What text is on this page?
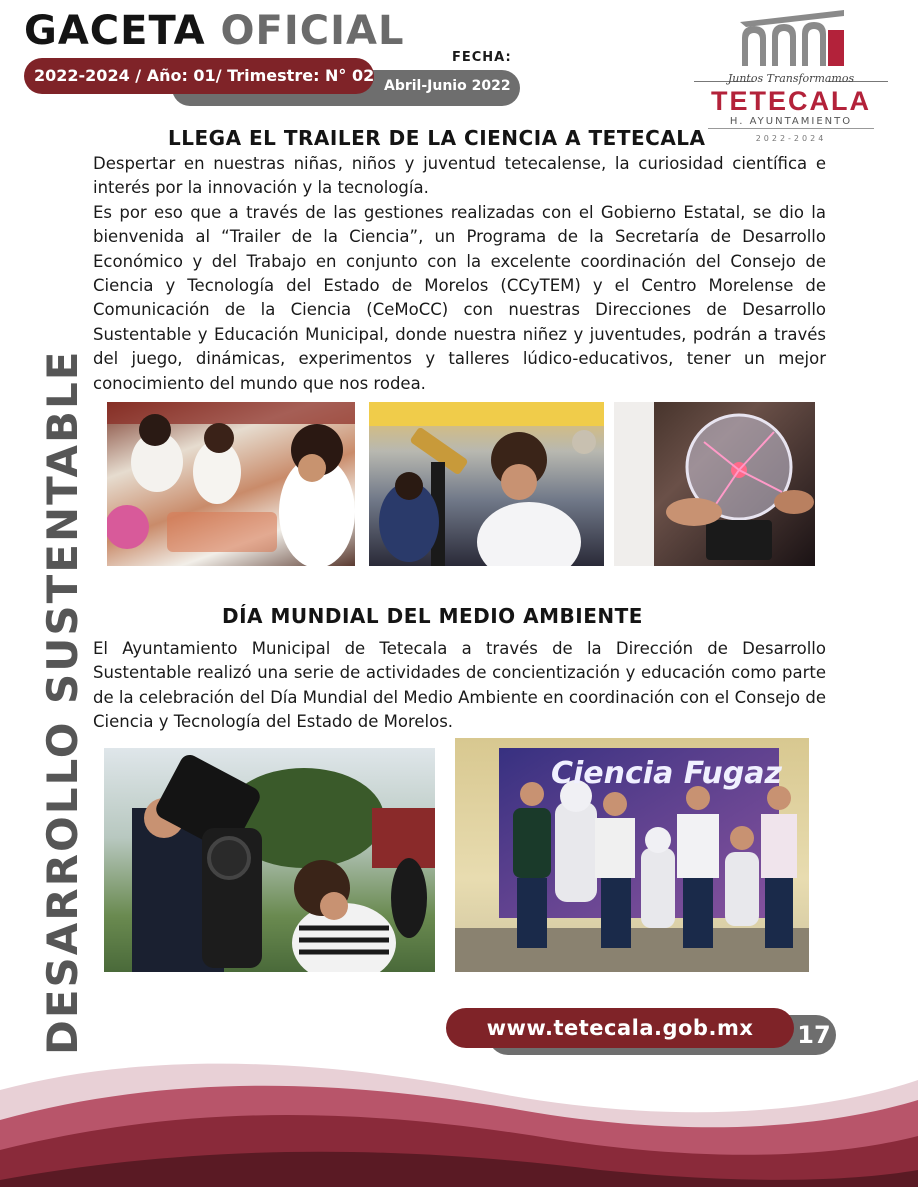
GACETA OFICIAL
2022-2024 / Año: 01/ Trimestre: N° 02
FECHA:
Abril-Junio 2022	Juntos Transformamos
TETECALA
H. AYUNTAMIENTO
2022-2024
DESARROLLO SUSTENTABLE
LLEGA EL TRAILER DE LA CIENCIA A TETECALA

Despertar en nuestras niñas, niños y juventud tetecalense, la curiosidad científica e interés por la innovación y la tecnología.

Es por eso que a través de las gestiones realizadas con el Gobierno Estatal, se dio la bienvenida al “Trailer de la Ciencia”, un Programa de la Secretaría de Desarrollo Económico y del Trabajo en conjunto con la excelente coordinación del Consejo de Ciencia y Tecnología del Estado de Morelos (CCyTEM) y el Centro Morelense de Comunicación de la Ciencia (CeMoCC) con nuestras Direcciones de Desarrollo Sustentable y Educación Municipal, donde nuestra niñez y juventudes, podrán a través del juego, dinámicas, experimentos y talleres lúdico-educativos, tener un mejor conocimiento del mundo que nos rodea.

DÍA MUNDIAL DEL MEDIO AMBIENTE

El Ayuntamiento Municipal de Tetecala a través de la Dirección de Desarrollo Sustentable realizó una serie de actividades de concientización y educación como parte de la celebración del Día Mundial del Medio Ambiente en coordinación con el Consejo de Ciencia y Tecnología del Estado de Morelos.

Ciencia Fugaz
www.tetecala.gob.mx	17
